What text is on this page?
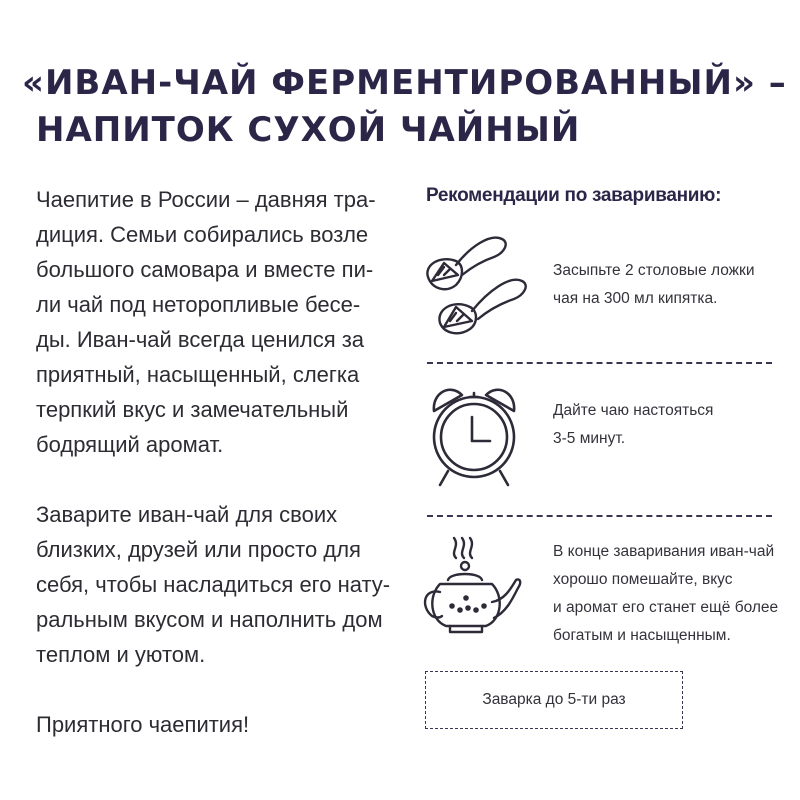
«ИВАН-ЧАЙ ФЕРМЕНТИРОВАННЫЙ» –
НАПИТОК СУХОЙ ЧАЙНЫЙ

Чаепитие в России – давняя тра-
диция. Семьи собирались возле
большого самовара и вместе пи-
ли чай под неторопливые бесе-
ды. Иван-чай всегда ценился за
приятный, насыщенный, слегка
терпкий вкус и замечательный
бодрящий аромат.

Заварите иван-чай для своих
близких, друзей или просто для
себя, чтобы насладиться его нату-
ральным вкусом и наполнить дом
теплом и уютом.

Приятного чаепития!

Рекомендации по завариванию:
Засыпьте 2 столовые ложки
чая на 300 мл кипятка.
Дайте чаю настояться
3-5 минут.
В конце заваривания иван-чай
хорошо помешайте, вкус
и аромат его станет ещё более
богатым и насыщенным.
Заварка до 5-ти раз
